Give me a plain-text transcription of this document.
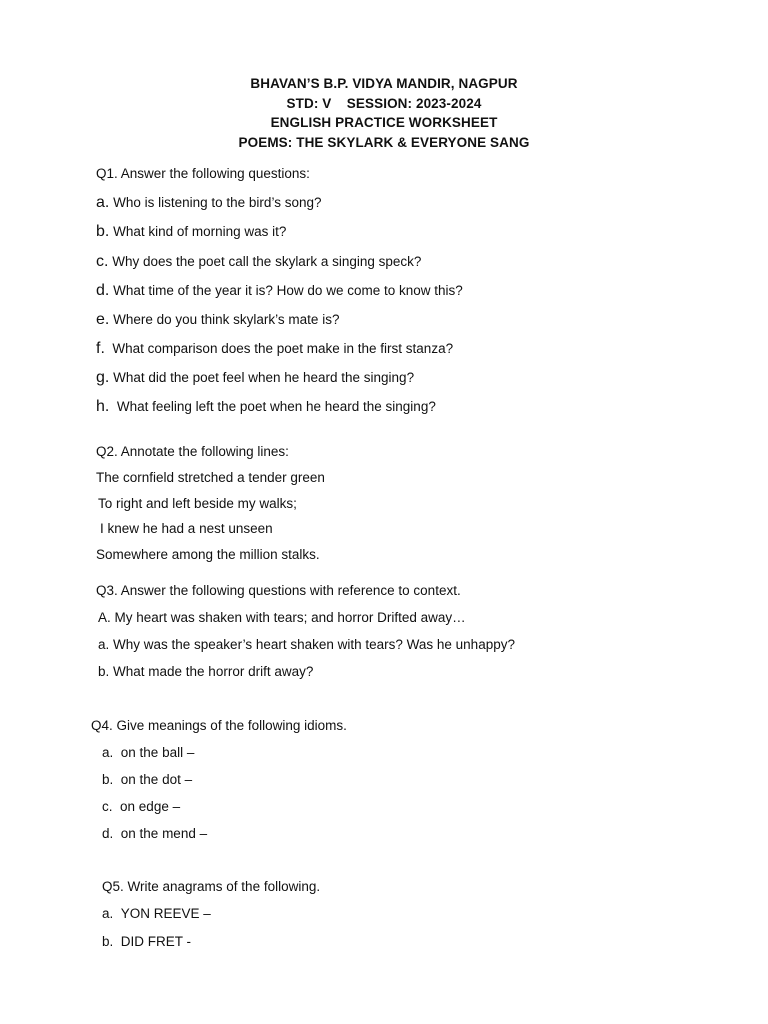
BHAVAN’S B.P. VIDYA MANDIR, NAGPUR
STD: V    SESSION: 2023-2024
ENGLISH PRACTICE WORKSHEET
POEMS: THE SKYLARK & EVERYONE SANG
Q1. Answer the following questions:
a. Who is listening to the bird’s song?
b. What kind of morning was it?
c. Why does the poet call the skylark a singing speck?
d. What time of the year it is? How do we come to know this?
e. Where do you think skylark’s mate is?
f. What comparison does the poet make in the first stanza?
g. What did the poet feel when he heard the singing?
h. What feeling left the poet when he heard the singing?
Q2. Annotate the following lines:
The cornfield stretched a tender green
To right and left beside my walks;
I knew he had a nest unseen
Somewhere among the million stalks.
Q3. Answer the following questions with reference to context.
A. My heart was shaken with tears; and horror Drifted away…
a. Why was the speaker’s heart shaken with tears? Was he unhappy?
b. What made the horror drift away?
Q4. Give meanings of the following idioms.
a. on the ball –
b. on the dot –
c. on edge –
d. on the mend –
Q5. Write anagrams of the following.
a. YON REEVE –
b. DID FRET -
